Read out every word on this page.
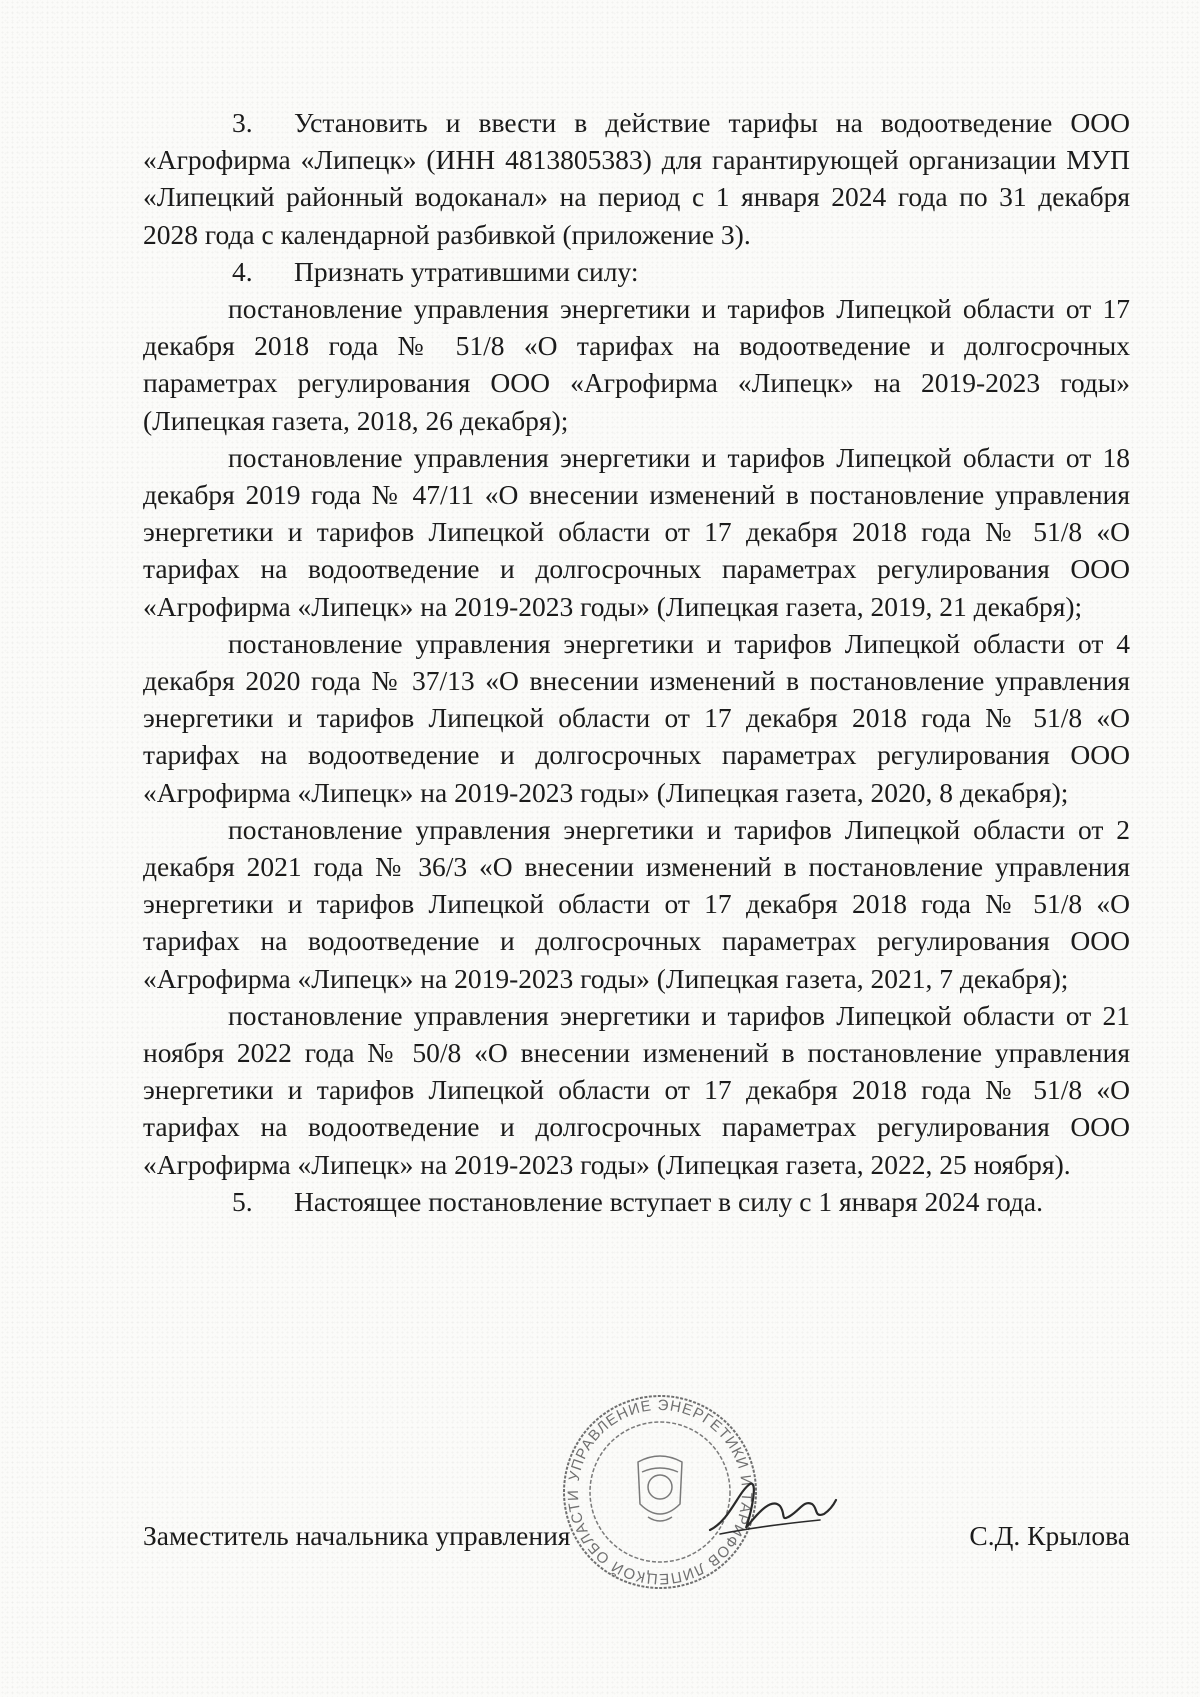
3. Установить и ввести в действие тарифы на водоотведение ООО «Агрофирма «Липецк» (ИНН 4813805383) для гарантирующей организации МУП «Липецкий районный водоканал» на период с 1 января 2024 года по 31 декабря 2028 года с календарной разбивкой (приложение 3).

4. Признать утратившими силу:

постановление управления энергетики и тарифов Липецкой области от 17 декабря 2018 года № 51/8 «О тарифах на водоотведение и долгосрочных параметрах регулирования ООО «Агрофирма «Липецк» на 2019-2023 годы» (Липецкая газета, 2018, 26 декабря);

постановление управления энергетики и тарифов Липецкой области от 18 декабря 2019 года № 47/11 «О внесении изменений в постановление управления энергетики и тарифов Липецкой области от 17 декабря 2018 года № 51/8 «О тарифах на водоотведение и долгосрочных параметрах регулирования ООО «Агрофирма «Липецк» на 2019-2023 годы» (Липецкая газета, 2019, 21 декабря);

постановление управления энергетики и тарифов Липецкой области от 4 декабря 2020 года № 37/13 «О внесении изменений в постановление управления энергетики и тарифов Липецкой области от 17 декабря 2018 года № 51/8 «О тарифах на водоотведение и долгосрочных параметрах регулирования ООО «Агрофирма «Липецк» на 2019-2023 годы» (Липецкая газета, 2020, 8 декабря);

постановление управления энергетики и тарифов Липецкой области от 2 декабря 2021 года № 36/3 «О внесении изменений в постановление управления энергетики и тарифов Липецкой области от 17 декабря 2018 года № 51/8 «О тарифах на водоотведение и долгосрочных параметрах регулирования ООО «Агрофирма «Липецк» на 2019-2023 годы» (Липецкая газета, 2021, 7 декабря);

постановление управления энергетики и тарифов Липецкой области от 21 ноября 2022 года № 50/8 «О внесении изменений в постановление управления энергетики и тарифов Липецкой области от 17 декабря 2018 года № 51/8 «О тарифах на водоотведение и долгосрочных параметрах регулирования ООО «Агрофирма «Липецк» на 2019-2023 годы» (Липецкая газета, 2022, 25 ноября).

5. Настоящее постановление вступает в силу с 1 января 2024 года.

Заместитель начальника управления	С.Д. Крылова
УПРАВЛЕНИЕ ЭНЕРГЕТИКИ И ТАРИФОВ ЛИПЕЦКОЙ ОБЛАСТИ
